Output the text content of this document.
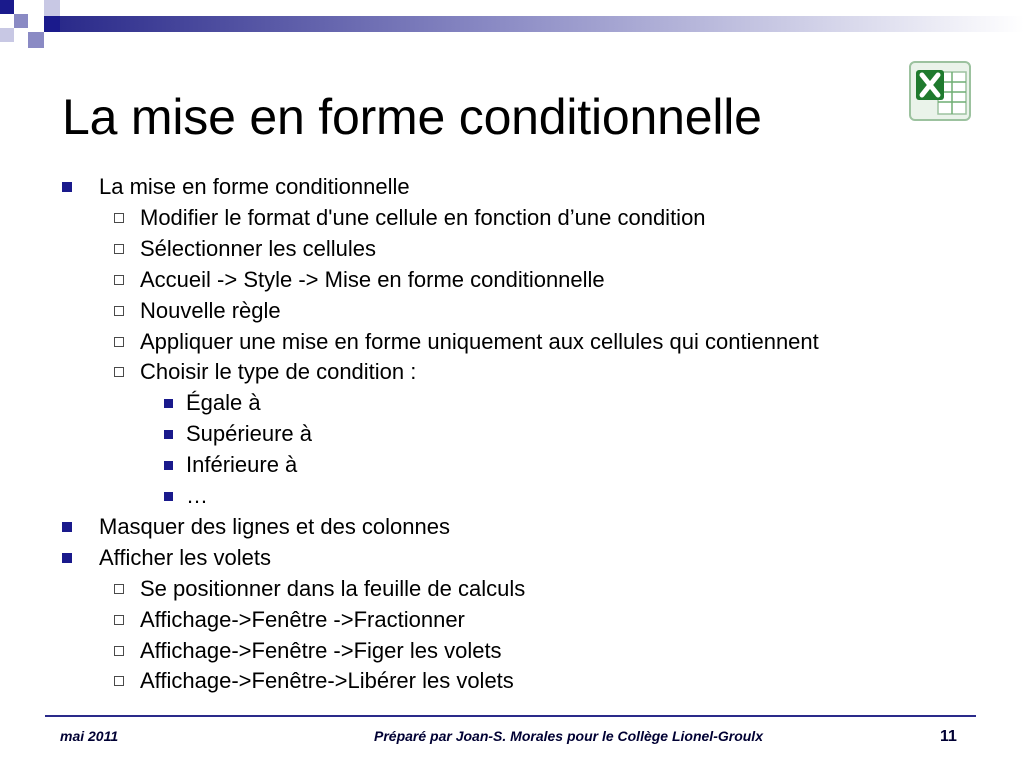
La mise en forme conditionnelle
La mise en forme conditionnelle
Modifier le format d'une cellule en fonction d’une condition
Sélectionner les cellules
Accueil -> Style -> Mise en forme conditionnelle
Nouvelle règle
Appliquer une mise en forme uniquement aux cellules qui contiennent
Choisir le type de condition :
Égale à
Supérieure à
Inférieure à
…
Masquer des lignes et des colonnes
Afficher les volets
Se positionner dans la feuille de calculs
Affichage->Fenêtre ->Fractionner
Affichage->Fenêtre ->Figer les volets
Affichage->Fenêtre->Libérer les volets
mai 2011	Préparé par Joan-S. Morales pour le Collège Lionel-Groulx	11
